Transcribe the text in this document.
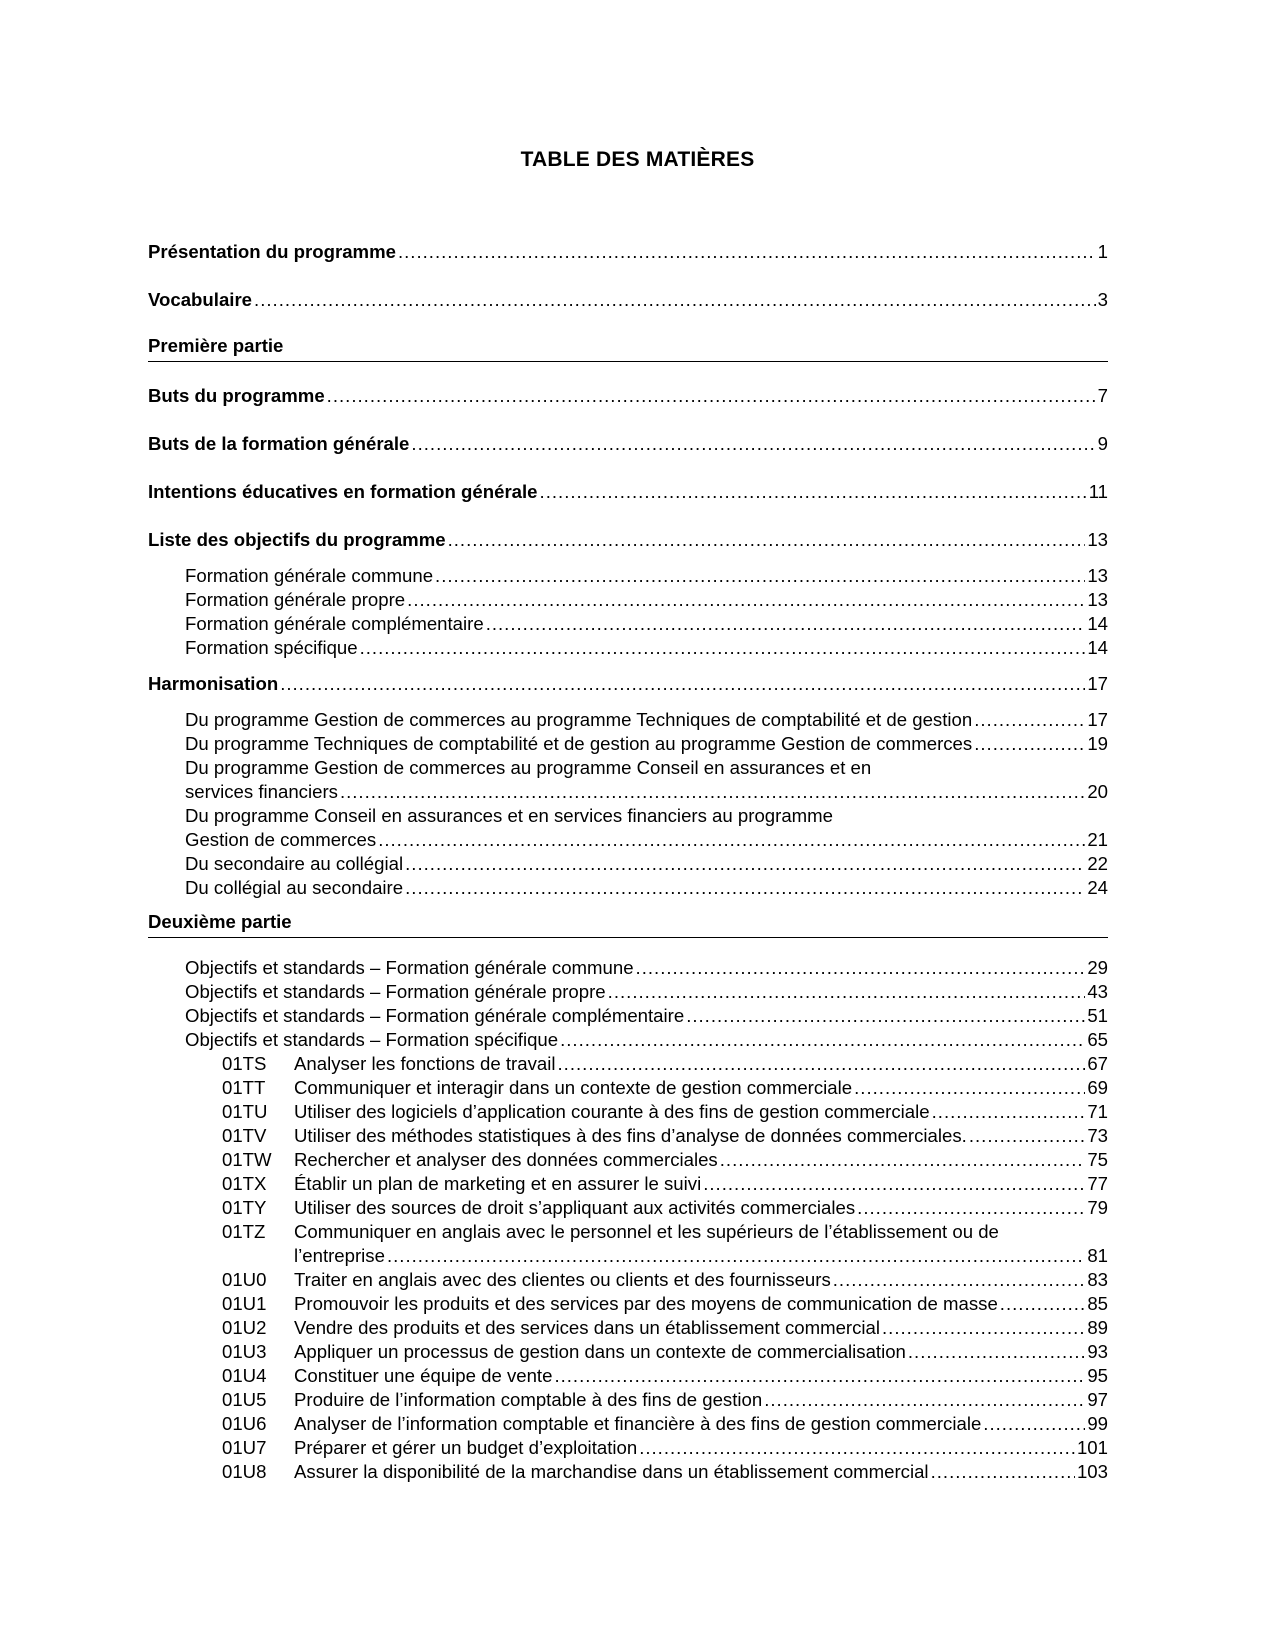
TABLE DES MATIÈRES
Présentation du programme .....	1
Vocabulaire .....	3
Première partie
Buts du programme .....	7
Buts de la formation générale .....	9
Intentions éducatives en formation générale .....	11
Liste des objectifs du programme .....	13
Formation générale commune .....	13
Formation générale propre .....	13
Formation générale complémentaire .....	14
Formation spécifique .....	14
Harmonisation .....	17
Du programme Gestion de commerces au programme Techniques de comptabilité et de gestion .....	17
Du programme Techniques de comptabilité et de gestion au programme Gestion de commerces .....	19
Du programme Gestion de commerces au programme Conseil en assurances et en
services financiers .....	20
Du programme Conseil en assurances et en services financiers au programme
Gestion de commerces .....	21
Du secondaire au collégial .....	22
Du collégial au secondaire .....	24
Deuxième partie
Objectifs et standards – Formation générale commune .....	29
Objectifs et standards – Formation générale propre .....	43
Objectifs et standards – Formation générale complémentaire .....	51
Objectifs et standards – Formation spécifique .....	65
01TS	Analyser les fonctions de travail .....	67
01TT	Communiquer et interagir dans un contexte de gestion commerciale .....	69
01TU	Utiliser des logiciels d’application courante à des fins de gestion commerciale .....	71
01TV	Utiliser des méthodes statistiques à des fins d’analyse de données commerciales. .....	73
01TW	Rechercher et analyser des données commerciales .....	75
01TX	Établir un plan de marketing et en assurer le suivi .....	77
01TY	Utiliser des sources de droit s’appliquant aux activités commerciales .....	79
01TZ	Communiquer en anglais avec le personnel et les supérieurs de l’établissement ou de
l’entreprise .....	81
01U0	Traiter en anglais avec des clientes ou clients et des fournisseurs .....	83
01U1	Promouvoir les produits et des services par des moyens de communication de masse .....	85
01U2	Vendre des produits et des services dans un établissement commercial .....	89
01U3	Appliquer un processus de gestion dans un contexte de commercialisation .....	93
01U4	Constituer une équipe de vente .....	95
01U5	Produire de l’information comptable à des fins de gestion .....	97
01U6	Analyser de l’information comptable et financière à des fins de gestion commerciale .....	99
01U7	Préparer et gérer un budget d’exploitation .....	101
01U8	Assurer la disponibilité de la marchandise dans un établissement commercial .....	103
